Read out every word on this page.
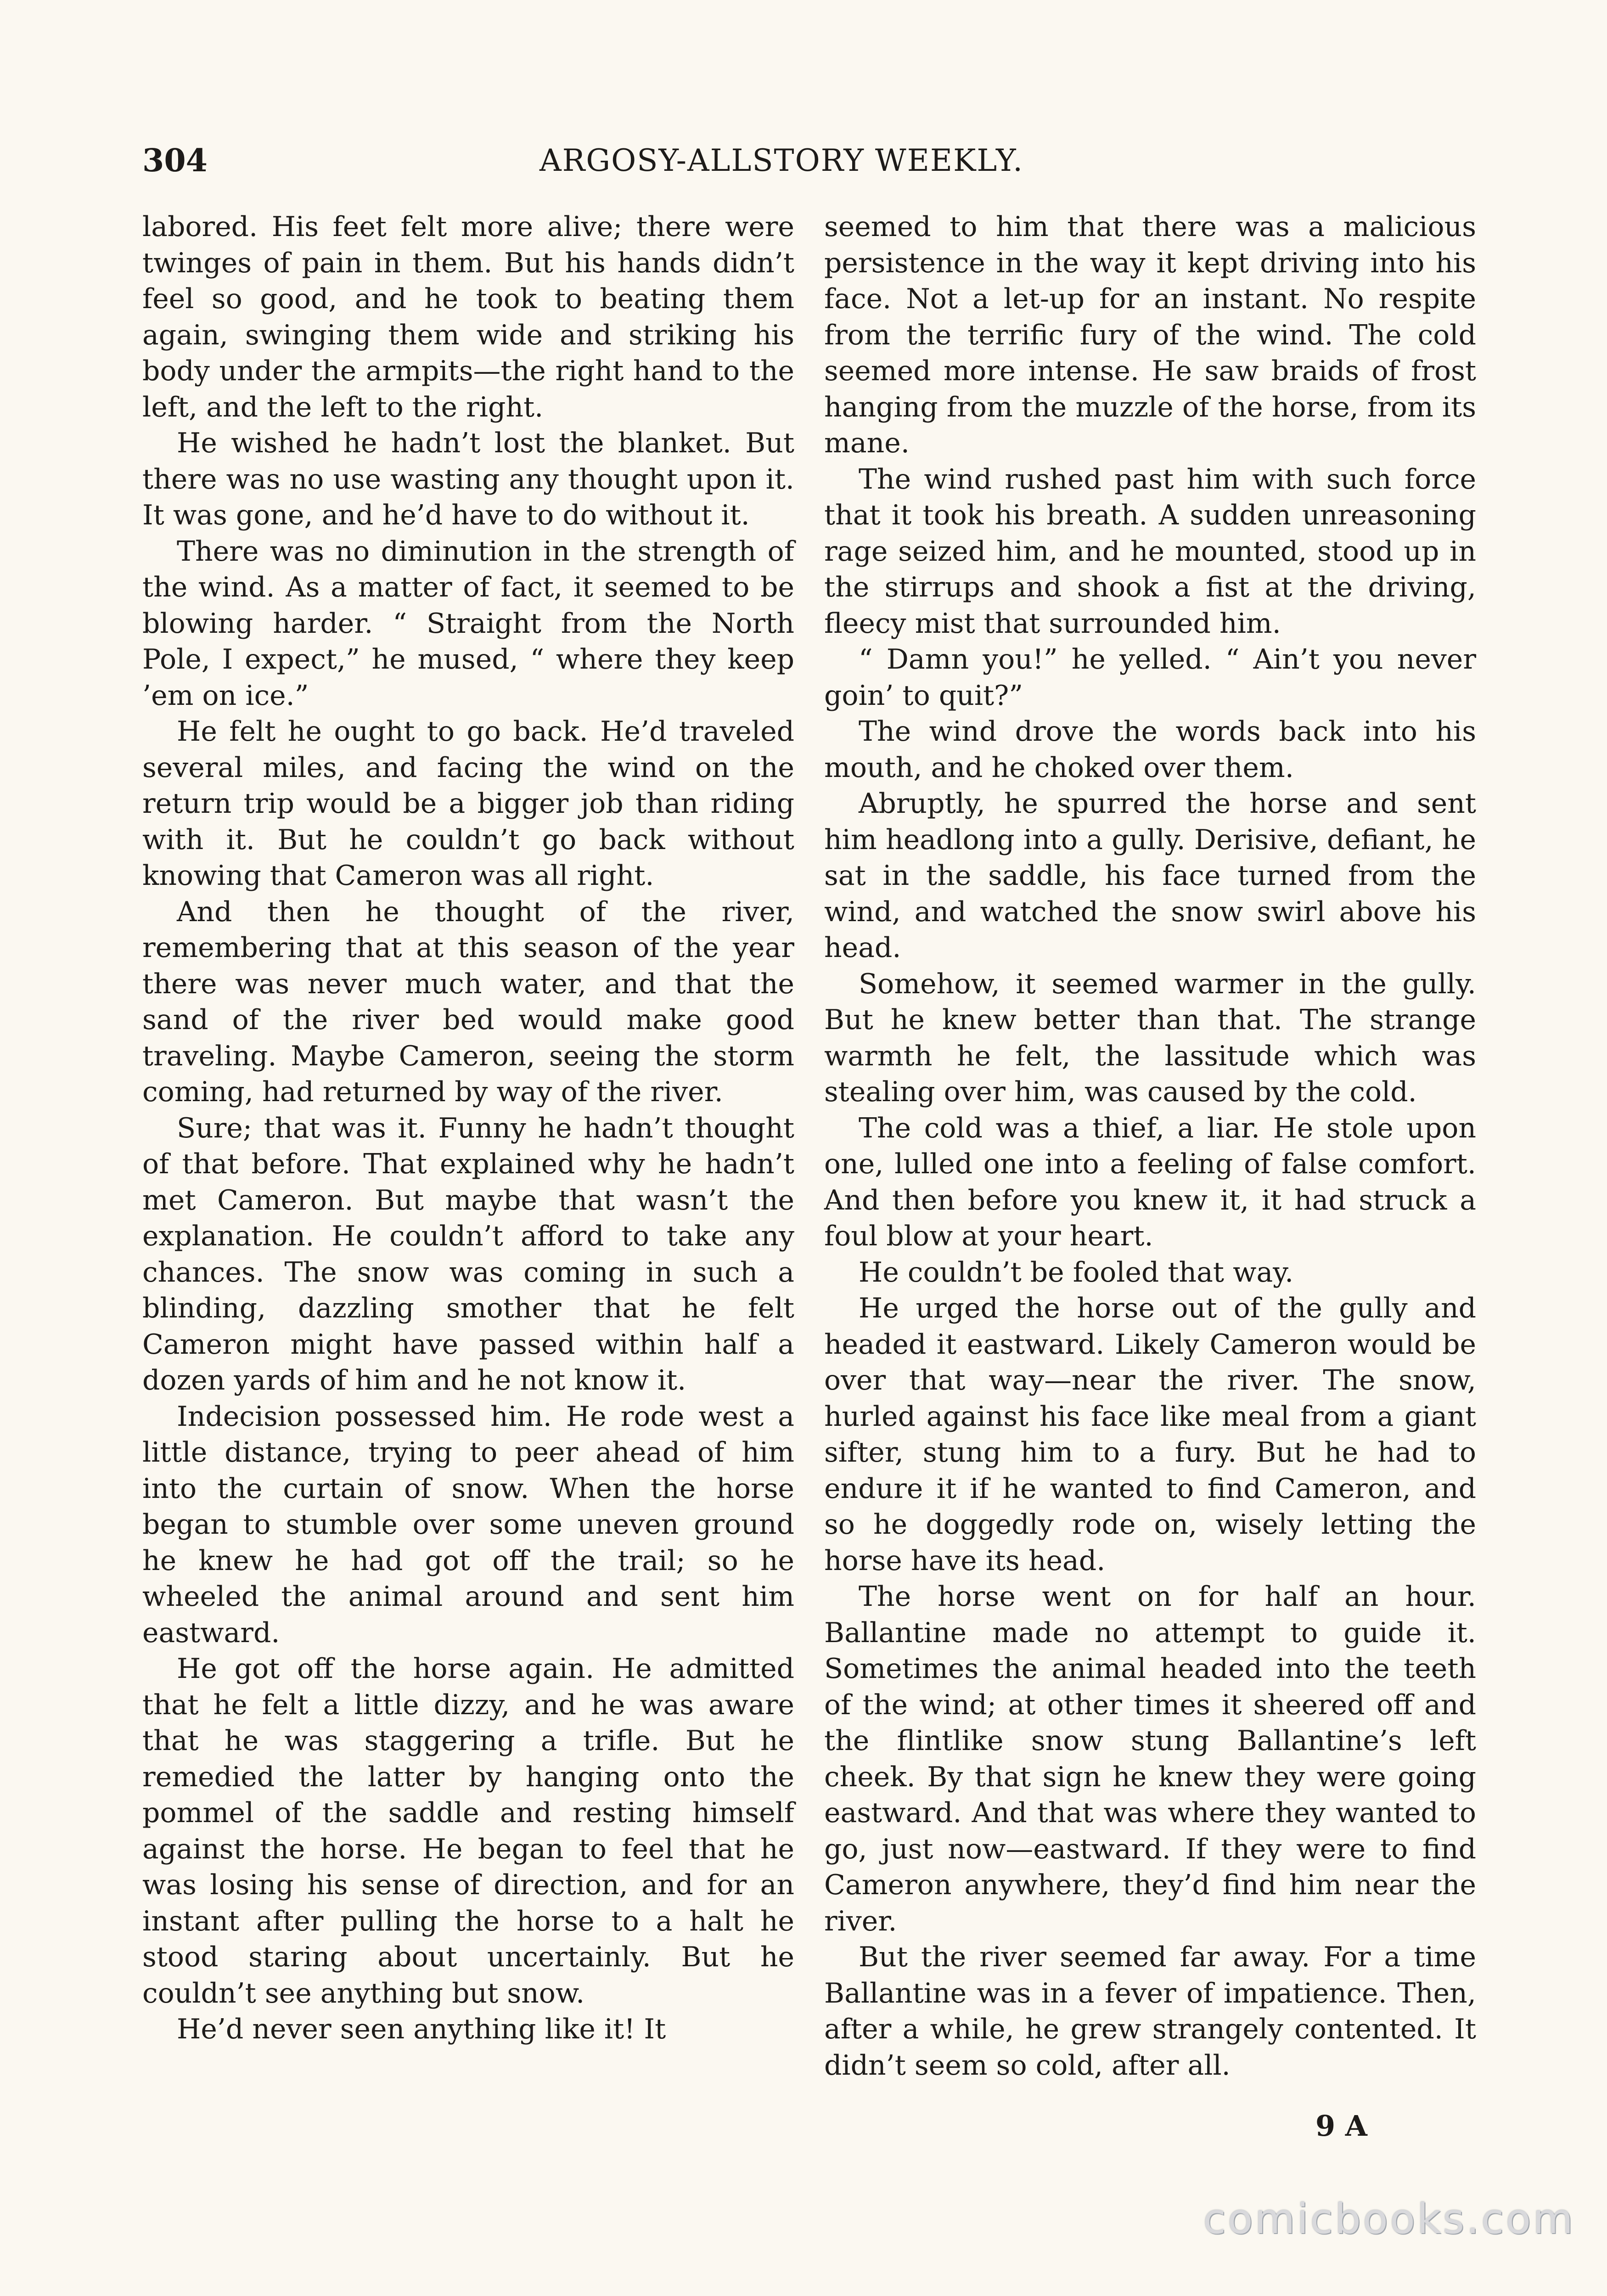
304	ARGOSY-ALLSTORY WEEKLY.

labored. His feet felt more alive; there were twinges of pain in them. But his hands didn’t feel so good, and he took to beating them again, swinging them wide and striking his body under the armpits—the right hand to the left, and the left to the right.

He wished he hadn’t lost the blanket. But there was no use wasting any thought upon it. It was gone, and he’d have to do without it.

There was no diminution in the strength of the wind. As a matter of fact, it seemed to be blowing harder. “ Straight from the North Pole, I expect,” he mused, “ where they keep ’em on ice.”

He felt he ought to go back. He’d traveled several miles, and facing the wind on the return trip would be a bigger job than riding with it. But he couldn’t go back without knowing that Cameron was all right.

And then he thought of the river, remembering that at this season of the year there was never much water, and that the sand of the river bed would make good traveling. Maybe Cameron, seeing the storm coming, had returned by way of the river.

Sure; that was it. Funny he hadn’t thought of that before. That explained why he hadn’t met Cameron. But maybe that wasn’t the explanation. He couldn’t afford to take any chances. The snow was coming in such a blinding, dazzling smother that he felt Cameron might have passed within half a dozen yards of him and he not know it.

Indecision possessed him. He rode west a little distance, trying to peer ahead of him into the curtain of snow. When the horse began to stumble over some uneven ground he knew he had got off the trail; so he wheeled the animal around and sent him eastward.

He got off the horse again. He admitted that he felt a little dizzy, and he was aware that he was staggering a trifle. But he remedied the latter by hanging onto the pommel of the saddle and resting himself against the horse. He began to feel that he was losing his sense of direction, and for an instant after pulling the horse to a halt he stood staring about uncertainly. But he couldn’t see anything but snow.

He’d never seen anything like it! It

seemed to him that there was a malicious persistence in the way it kept driving into his face. Not a let-up for an instant. No respite from the terrific fury of the wind. The cold seemed more intense. He saw braids of frost hanging from the muzzle of the horse, from its mane.

The wind rushed past him with such force that it took his breath. A sudden unreasoning rage seized him, and he mounted, stood up in the stirrups and shook a fist at the driving, fleecy mist that surrounded him.

“ Damn you!” he yelled. “ Ain’t you never goin’ to quit?”

The wind drove the words back into his mouth, and he choked over them.

Abruptly, he spurred the horse and sent him headlong into a gully. Derisive, defiant, he sat in the saddle, his face turned from the wind, and watched the snow swirl above his head.

Somehow, it seemed warmer in the gully. But he knew better than that. The strange warmth he felt, the lassitude which was stealing over him, was caused by the cold.

The cold was a thief, a liar. He stole upon one, lulled one into a feeling of false comfort. And then before you knew it, it had struck a foul blow at your heart.

He couldn’t be fooled that way.

He urged the horse out of the gully and headed it eastward. Likely Cameron would be over that way—near the river. The snow, hurled against his face like meal from a giant sifter, stung him to a fury. But he had to endure it if he wanted to find Cameron, and so he doggedly rode on, wisely letting the horse have its head.

The horse went on for half an hour. Ballantine made no attempt to guide it. Sometimes the animal headed into the teeth of the wind; at other times it sheered off and the flintlike snow stung Ballantine’s left cheek. By that sign he knew they were going eastward. And that was where they wanted to go, just now—eastward. If they were to find Cameron anywhere, they’d find him near the river.

But the river seemed far away. For a time Ballantine was in a fever of impatience. Then, after a while, he grew strangely contented. It didn’t seem so cold, after all.

9 A
comicbooks.com
